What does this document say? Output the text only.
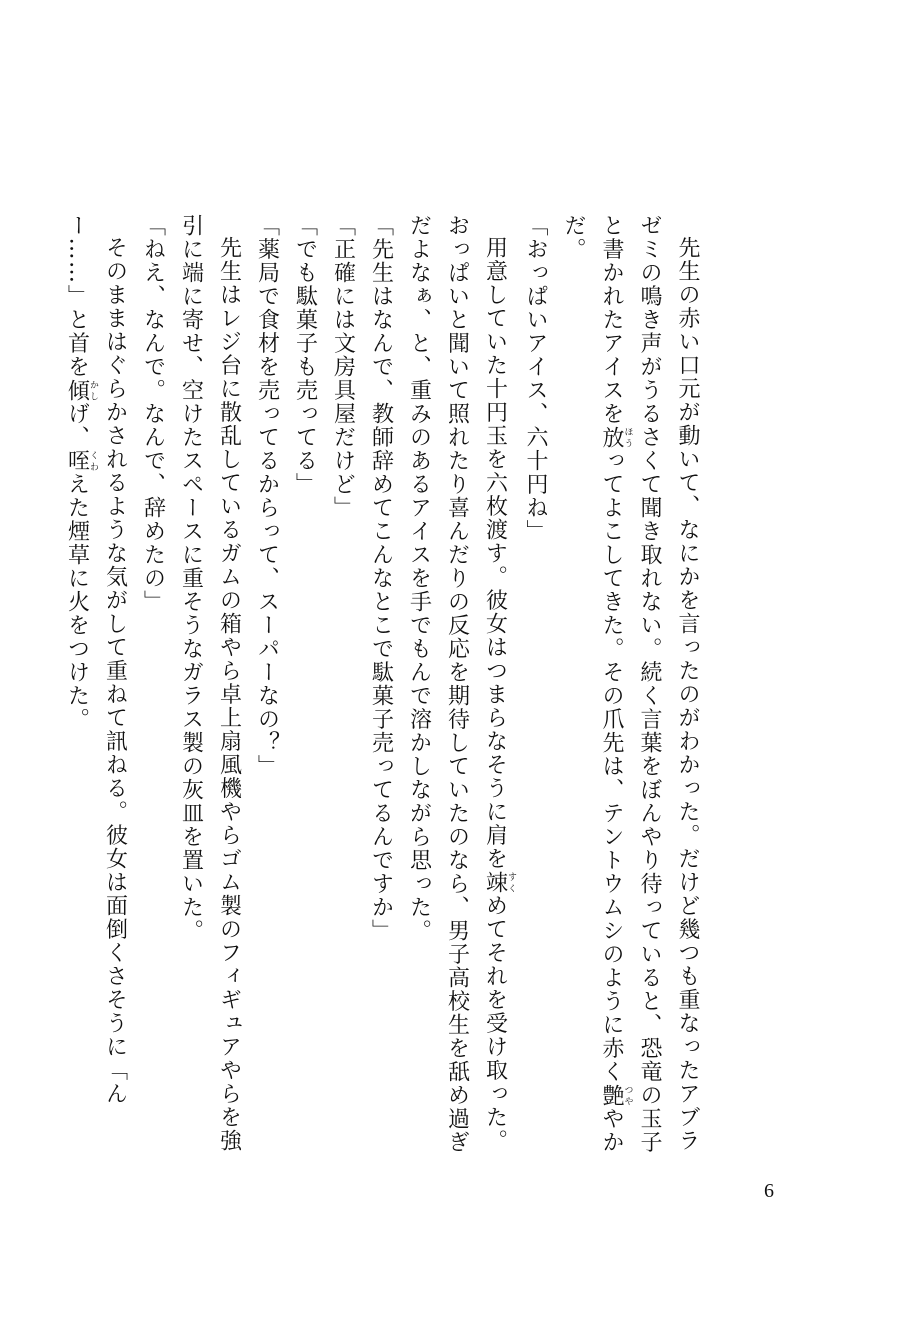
先生の赤い口元が動いて、なにかを言ったのがわかった。だけど幾つも重なったアブラゼミの鳴き声がうるさくて聞き取れない。続く言葉をぼんやり待っていると、恐竜の玉子と書かれたアイスを放ほうってよこしてきた。その爪先は、テントウムシのように赤く艶つややかだ。

「おっぱいアイス、六十円ね」

用意していた十円玉を六枚渡す。彼女はつまらなそうに肩を竦すくめてそれを受け取った。おっぱいと聞いて照れたり喜んだりの反応を期待していたのなら、男子高校生を舐め過ぎだよなぁ、と、重みのあるアイスを手でもんで溶かしながら思った。

「先生はなんで、教師辞めてこんなとこで駄菓子売ってるんですか」

「正確には文房具屋だけど」

「でも駄菓子も売ってる」

「薬局で食材を売ってるからって、スーパーなの？」

先生はレジ台に散乱しているガムの箱やら卓上扇風機やらゴム製のフィギュアやらを強引に端に寄せ、空けたスペースに重そうなガラス製の灰皿を置いた。

「ねえ、なんで。なんで、辞めたの」

そのままはぐらかされるような気がして重ねて訊ねる。彼女は面倒くさそうに「んー……」と首を傾かしげ、咥くわえた煙草に火をつけた。

6
